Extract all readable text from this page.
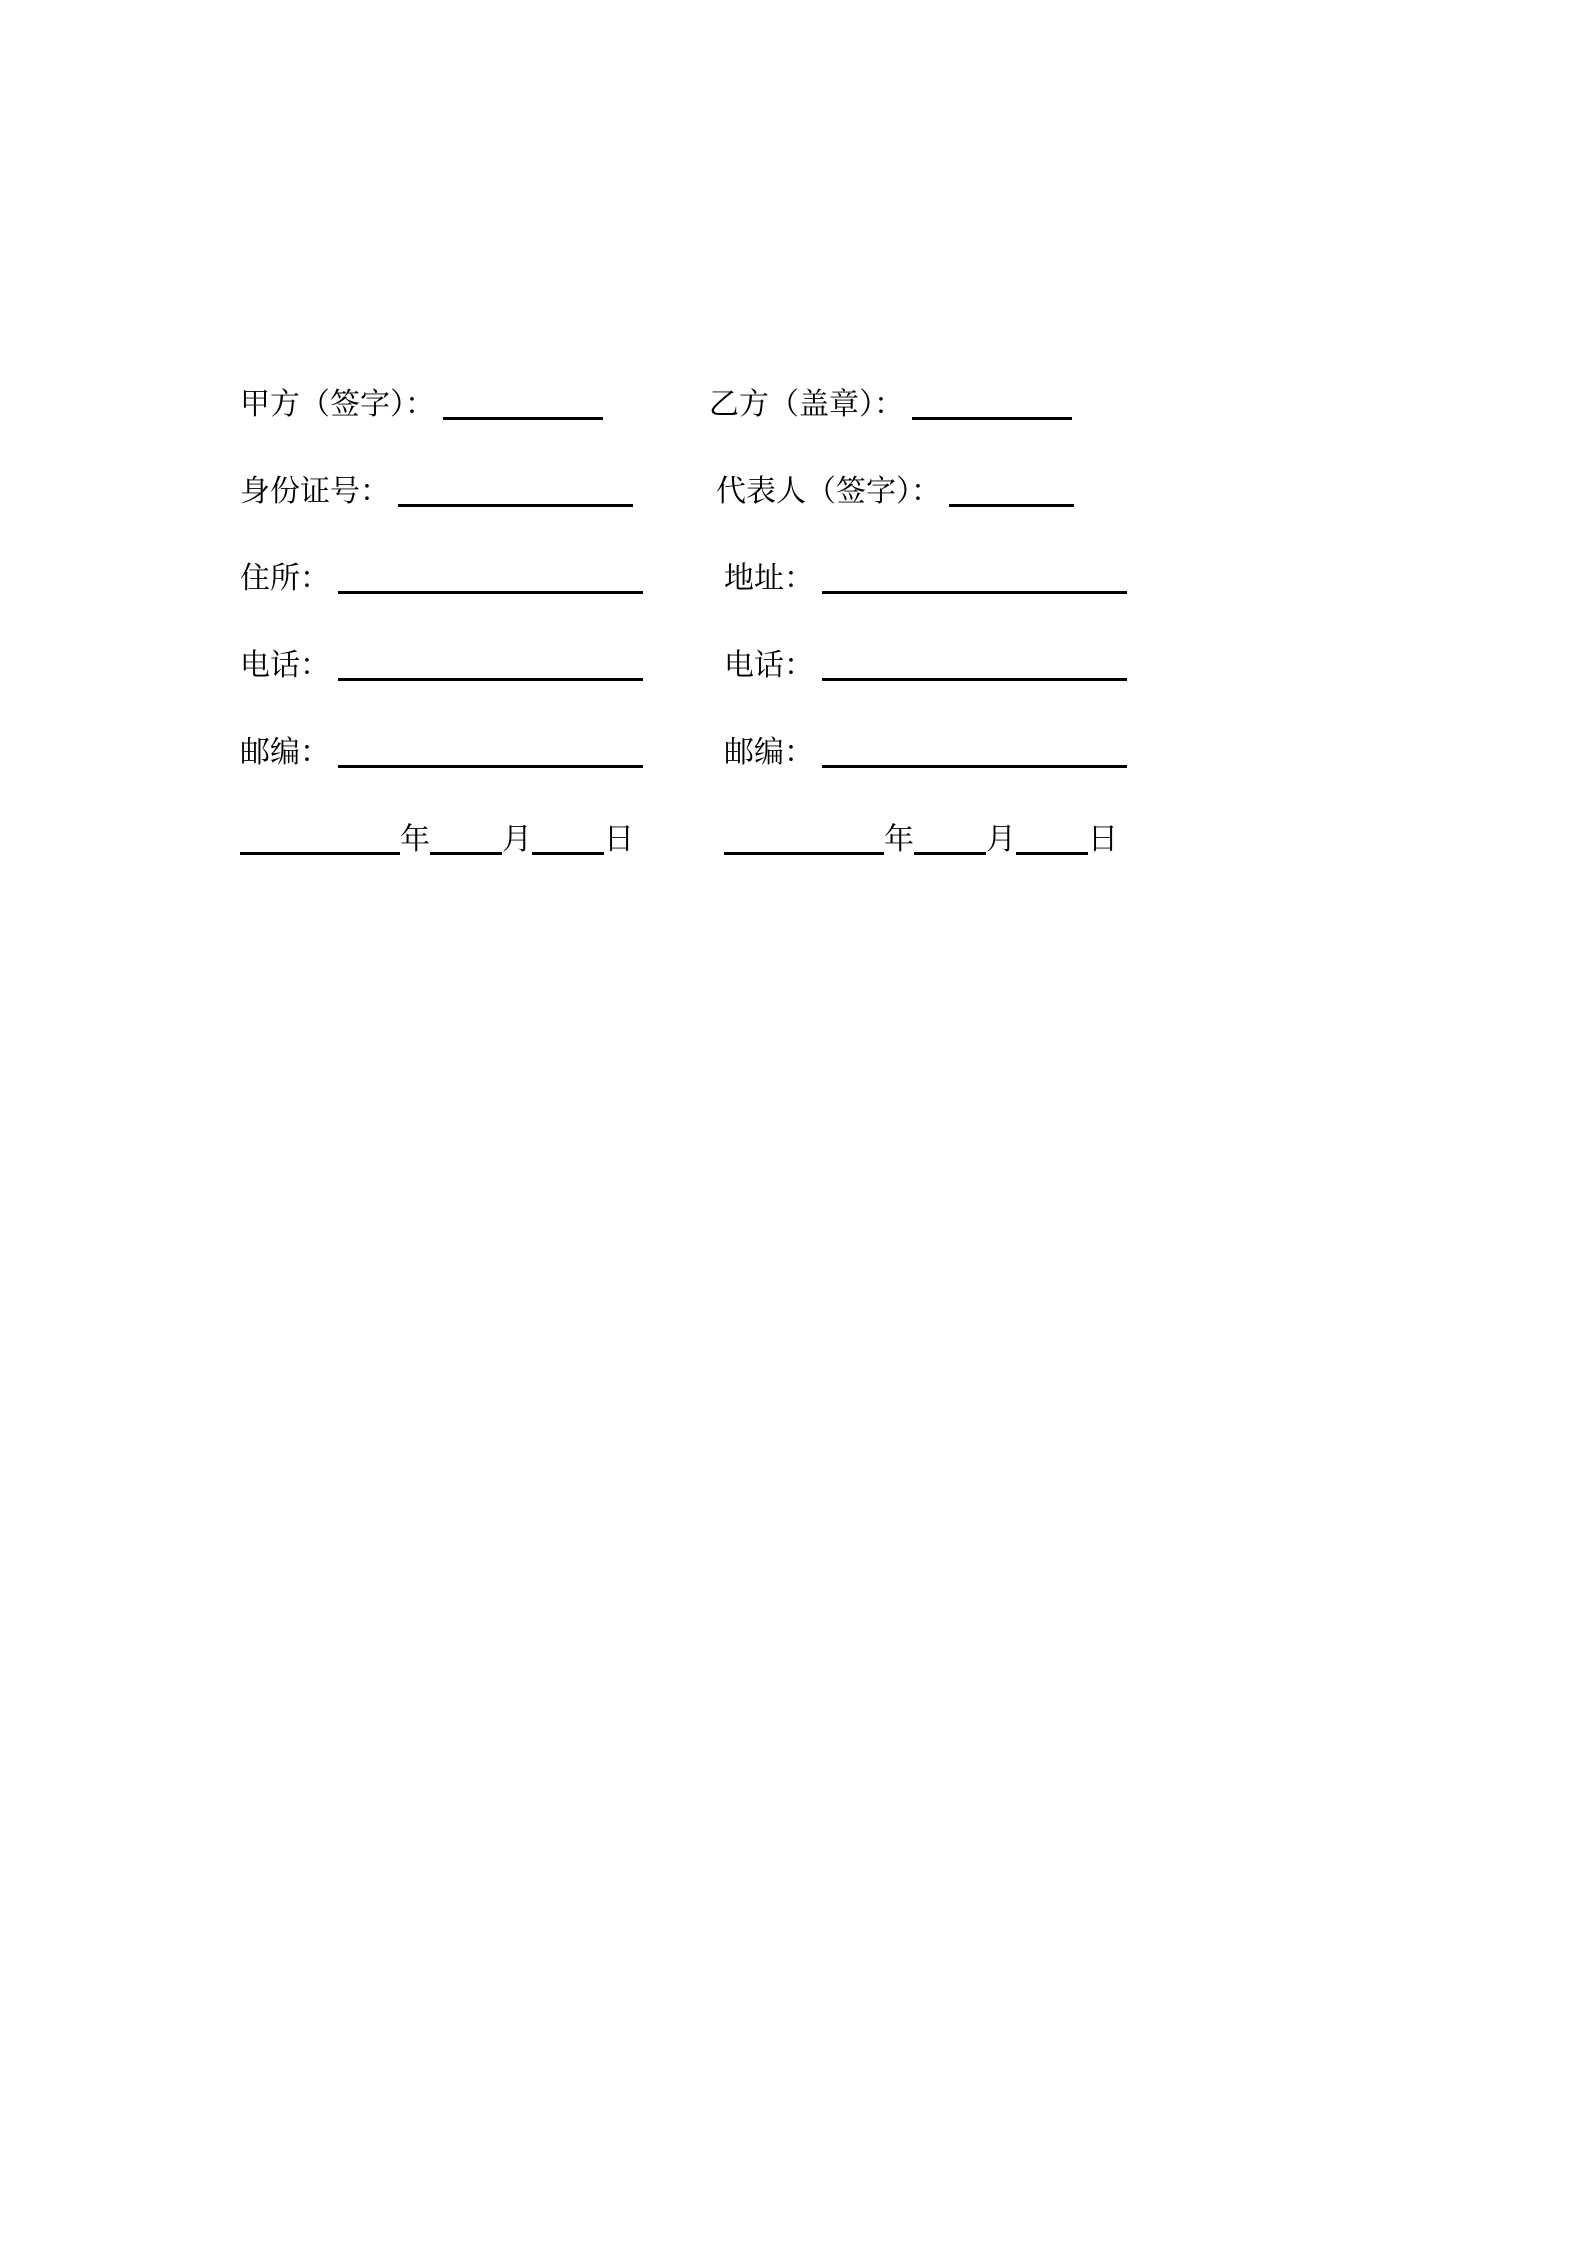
甲方（签字）：	乙方（盖章）：
身份证号：	代表人（签字）：
住所：	地址：
电话：	电话：
邮编：	邮编：
年 月 日	年 月 日
